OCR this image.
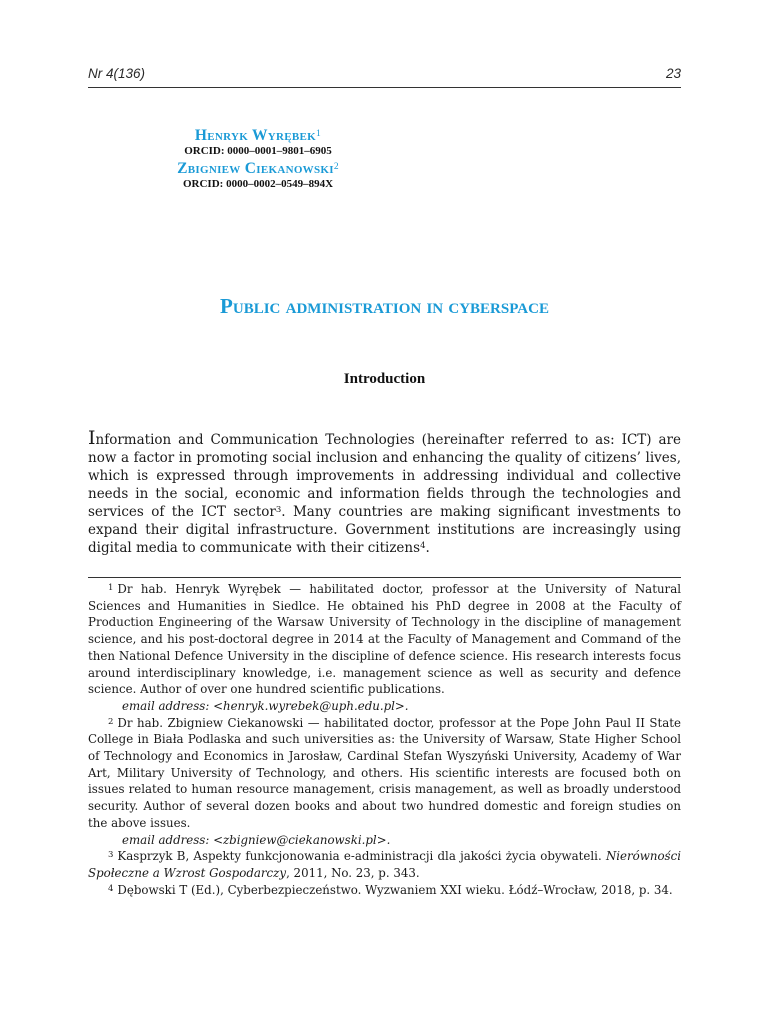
Nr 4(136)	23
Henryk Wyrębek$^1$
ORCID: 0000–0001–9801–6905
Zbigniew Ciekanowski$^2$
ORCID: 0000–0002–0549–894X
Public administration in cyberspace
Introduction

Information and Communication Technologies (hereinafter referred to as: ICT) are now a factor in promoting social inclusion and enhancing the quality of citizens’ lives, which is expressed through improvements in addressing individual and collective needs in the social, economic and information fields through the technologies and services of the ICT sector$^3$. Many countries are making significant investments to expand their digital infrastructure. Government institutions are increasingly using digital media to communicate with their citizens$^4$.

$^1$ Dr hab. Henryk Wyrębek — habilitated doctor, professor at the University of Natural Sciences and Humanities in Siedlce. He obtained his PhD degree in 2008 at the Faculty of Production Engineering of the Warsaw University of Technology in the discipline of management science, and his post-doctoral degree in 2014 at the Faculty of Management and Command of the then National Defence University in the discipline of defence science. His research interests focus around interdisciplinary knowledge, i.e. management science as well as security and defence science. Author of over one hundred scientific publications.

email address: <henryk.wyrebek@uph.edu.pl>.

$^2$ Dr hab. Zbigniew Ciekanowski — habilitated doctor, professor at the Pope John Paul II State College in Biała Podlaska and such universities as: the University of Warsaw, State Higher School of Technology and Economics in Jarosław, Cardinal Stefan Wyszyński University, Academy of War Art, Military University of Technology, and others. His scientific interests are focused both on issues related to human resource management, crisis management, as well as broadly understood security. Author of several dozen books and about two hundred domestic and foreign studies on the above issues.

email address: <zbigniew@ciekanowski.pl>.

$^3$ Kasprzyk B, Aspekty funkcjonowania e-administracji dla jakości życia obywateli. Nierówności Społeczne a Wzrost Gospodarczy, 2011, No. 23, p. 343.

$^4$ Dębowski T (Ed.), Cyberbezpieczeństwo. Wyzwaniem XXI wieku. Łódź–Wrocław, 2018, p. 34.
